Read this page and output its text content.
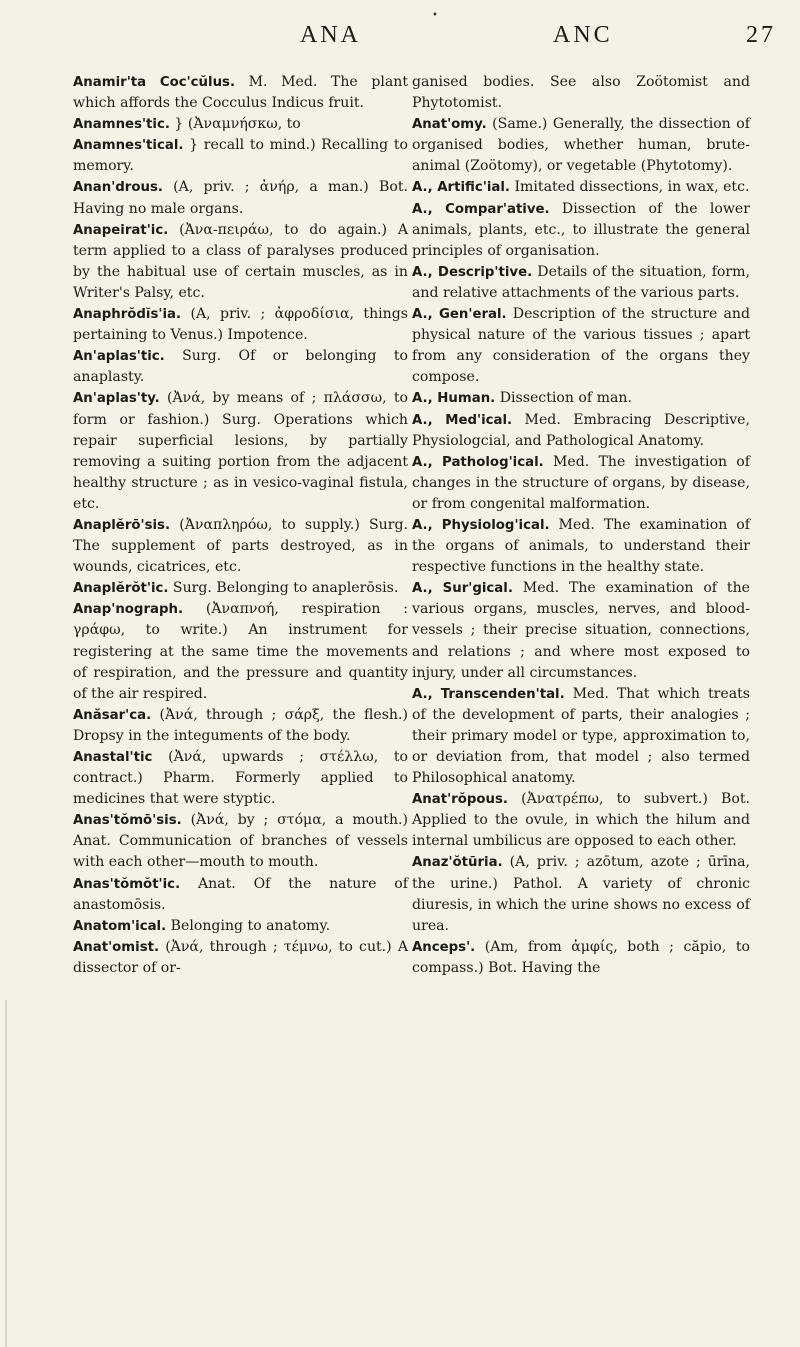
•
ANA	ANC	27

Anamir'ta Coc'cŭlus. M. Med. The plant which affords the Cocculus Indicus fruit.

Anamnes'tic. } (Ἀναμνήσκω, to

Anamnes'tical. } recall to mind.) Recalling to memory.

Anan'drous. (A, priv. ; ἀνήρ, a man.) Bot. Having no male organs.

Anapeirat'ic. (Ἀνα-πειράω, to do again.) A term applied to a class of paralyses produced by the habitual use of certain muscles, as in Writer's Palsy, etc.

Anaphrŏdĭs'ia. (A, priv. ; ἀφροδίσια, things pertaining to Venus.) Impotence.

An'aplas'tic. Surg. Of or belonging to anaplasty.

An'aplas'ty. (Ἀνά, by means of ; πλάσσω, to form or fashion.) Surg. Operations which repair superficial lesions, by partially removing a suiting portion from the adjacent healthy structure ; as in vesico-vaginal fistula, etc.

Anaplĕrō'sis. (Ἀναπληρόω, to supply.) Surg. The supplement of parts destroyed, as in wounds, cicatrices, etc.

Anaplĕrŏt'ic. Surg. Belonging to anaplerōsis.

Anap'nograph. (Ἀναπνοή, respiration : γράφω, to write.) An instrument for registering at the same time the movements of respiration, and the pressure and quantity of the air respired.

Anăsar'ca. (Ἀνά, through ; σάρξ, the flesh.) Dropsy in the integuments of the body.

Anastal'tic (Ἀνά, upwards ; στέλλω, to contract.) Pharm. Formerly applied to medicines that were styptic.

Anas'tŏmō'sis. (Ἀνά, by ; στόμα, a mouth.) Anat. Communication of branches of vessels with each other—mouth to mouth.

Anas'tŏmŏt'ic. Anat. Of the nature of anastomōsis.

Anatom'ical. Belonging to anatomy.

Anat'omist. (Ἀνά, through ; τέμνω, to cut.) A dissector of or-

ganised bodies. See also Zoötomist and Phytotomist.

Anat'omy. (Same.) Generally, the dissection of organised bodies, whether human, brute-animal (Zoötomy), or vegetable (Phytotomy).

A., Artific'ial. Imitated dissections, in wax, etc.

A., Compar'ative. Dissection of the lower animals, plants, etc., to illustrate the general principles of organisation.

A., Descrip'tive. Details of the situation, form, and relative attachments of the various parts.

A., Gen'eral. Description of the structure and physical nature of the various tissues ; apart from any consideration of the organs they compose.

A., Human. Dissection of man.

A., Med'ical. Med. Embracing Descriptive, Physiologcial, and Pathological Anatomy.

A., Patholog'ical. Med. The investigation of changes in the structure of organs, by disease, or from congenital malformation.

A., Physiolog'ical. Med. The examination of the organs of animals, to understand their respective functions in the healthy state.

A., Sur'gical. Med. The examination of the various organs, muscles, nerves, and blood-vessels ; their precise situation, connections, and relations ; and where most exposed to injury, under all circumstances.

A., Transcenden'tal. Med. That which treats of the development of parts, their analogies ; their primary model or type, approximation to, or deviation from, that model ; also termed Philosophical anatomy.

Anat'rŏpous. (Ἀνατρέπω, to subvert.) Bot. Applied to the ovule, in which the hilum and internal umbilicus are opposed to each other.

Anaz'ŏtūria. (A, priv. ; azōtum, azote ; ūrīna, the urine.) Pathol. A variety of chronic diuresis, in which the urine shows no excess of urea.

Anceps'. (Am, from ἀμφίς, both ; căpio, to compass.) Bot. Having the
